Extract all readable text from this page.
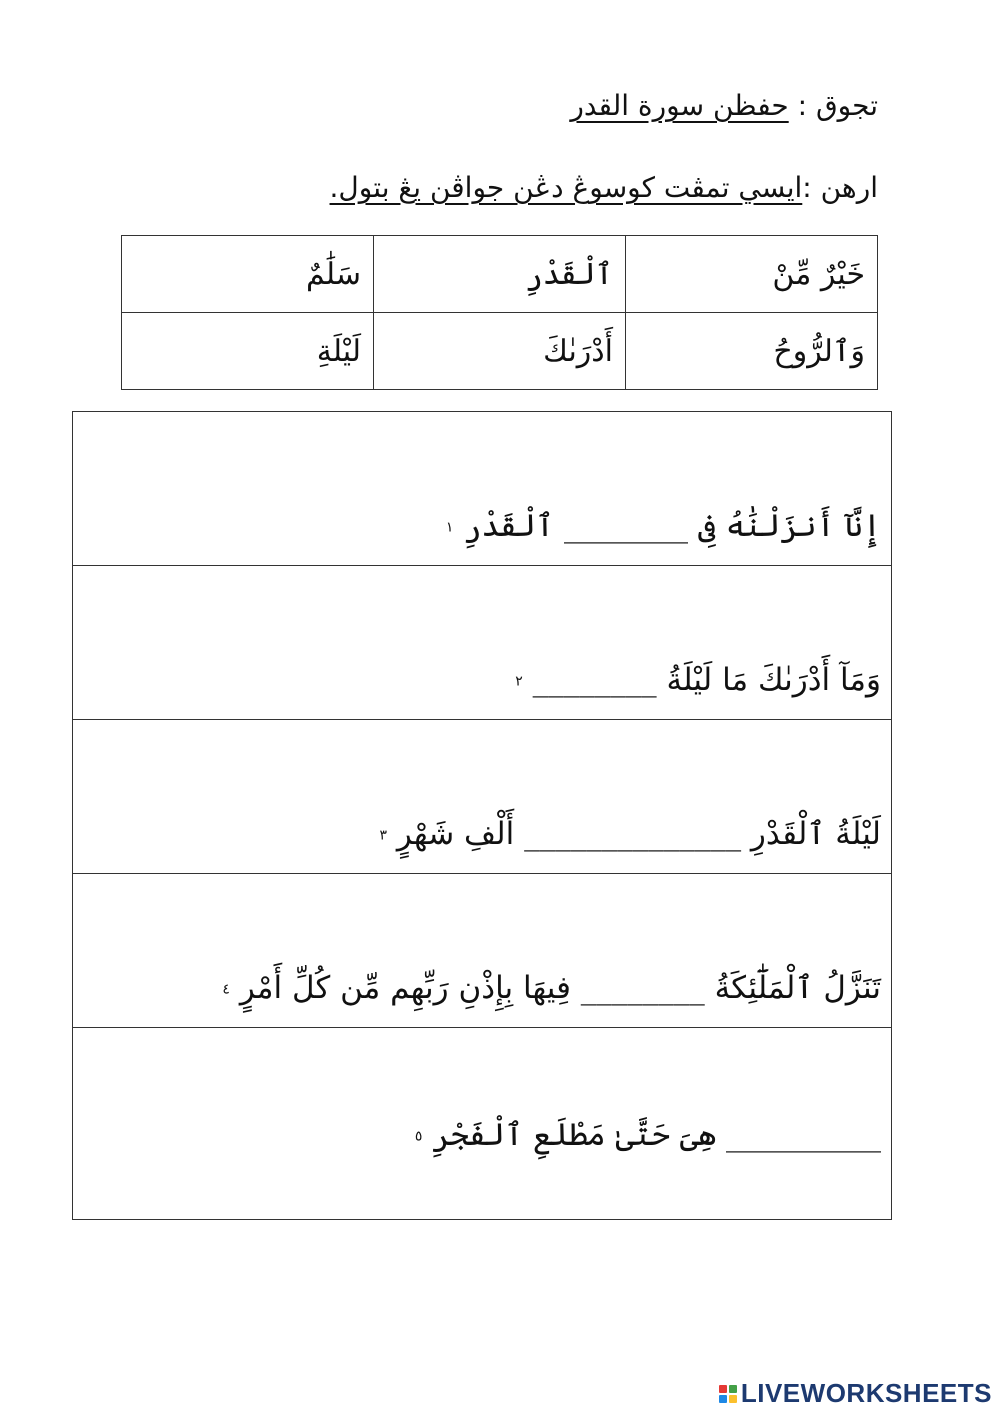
تجوق : حفظن سورة القدر
ارهن :ايسي تمڤت كوسوڠ دڠن جواڤن يڠ بتول.
خَيْرٌ مِّنْ	ٱلْقَدْرِ	سَلَٰمٌ
وَٱلرُّوحُ	أَدْرَىٰكَ	لَيْلَةِ
إِنَّآ أَنزَلْنَٰهُ فِى ________ ٱلْقَدْرِ ١
وَمَآ أَدْرَىٰكَ مَا لَيْلَةُ ________ ٢
لَيْلَةُ ٱلْقَدْرِ ______________ أَلْفِ شَهْرٍ ٣
تَنَزَّلُ ٱلْمَلَٰٓئِكَةُ ________ فِيهَا بِإِذْنِ رَبِّهِم مِّن كُلِّ أَمْرٍ ٤
__________ هِىَ حَتَّىٰ مَطْلَعِ ٱلْفَجْرِ ٥
LIVEWORKSHEETS
